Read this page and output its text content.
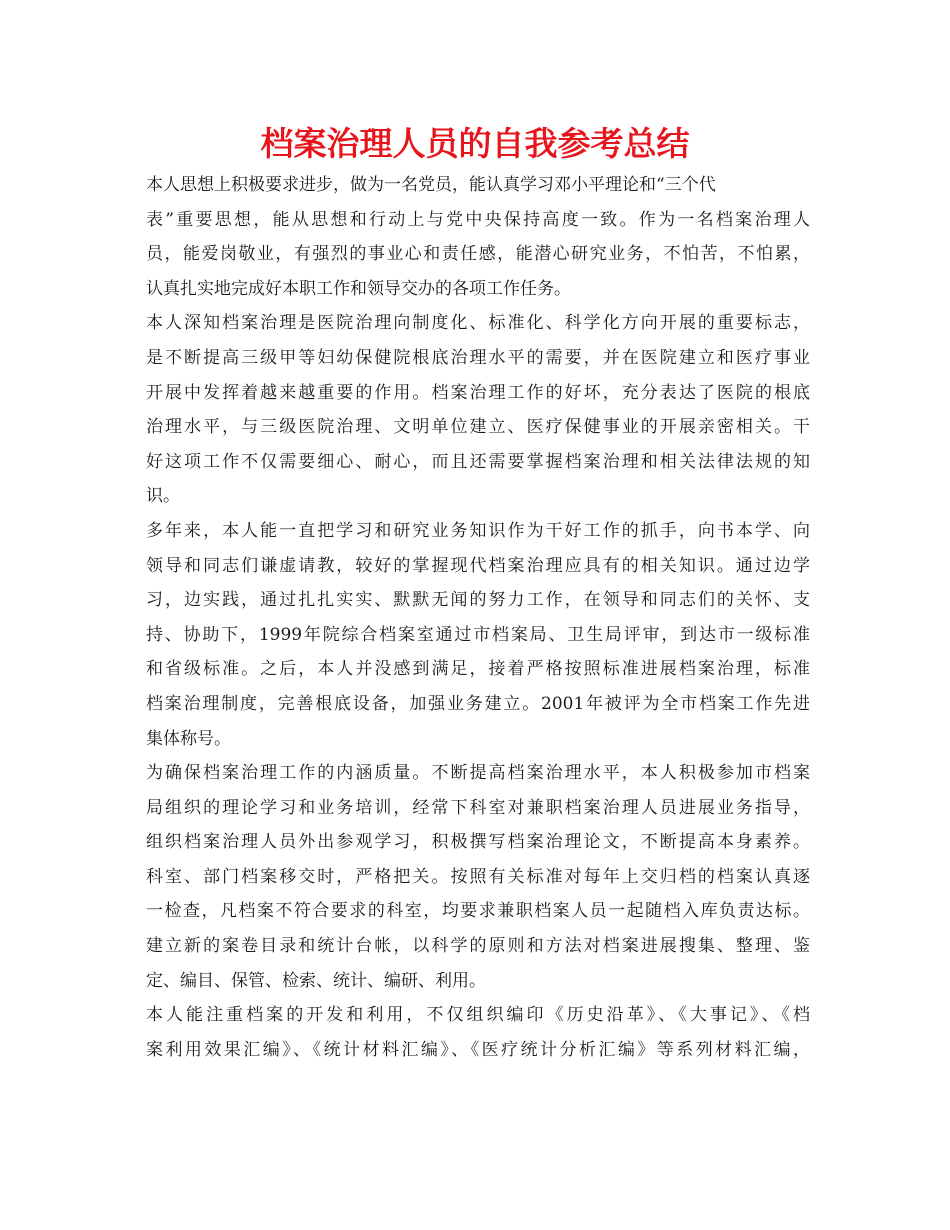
档案治理人员的自我参考总结
本人思想上积极要求进步，做为一名党员，能认真学习邓小平理论和“三个代
表”重要思想，能从思想和行动上与党中央保持高度一致。作为一名档案治理人
员，能爱岗敬业，有强烈的事业心和责任感，能潜心研究业务，不怕苦，不怕累，
认真扎实地完成好本职工作和领导交办的各项工作任务。
本人深知档案治理是医院治理向制度化、标准化、科学化方向开展的重要标志，
是不断提高三级甲等妇幼保健院根底治理水平的需要，并在医院建立和医疗事业
开展中发挥着越来越重要的作用。档案治理工作的好坏，充分表达了医院的根底
治理水平，与三级医院治理、文明单位建立、医疗保健事业的开展亲密相关。干
好这项工作不仅需要细心、耐心，而且还需要掌握档案治理和相关法律法规的知
识。
多年来，本人能一直把学习和研究业务知识作为干好工作的抓手，向书本学、向
领导和同志们谦虚请教，较好的掌握现代档案治理应具有的相关知识。通过边学
习，边实践，通过扎扎实实、默默无闻的努力工作，在领导和同志们的关怀、支
持、协助下，1999年院综合档案室通过市档案局、卫生局评审，到达市一级标准
和省级标准。之后，本人并没感到满足，接着严格按照标准进展档案治理，标准
档案治理制度，完善根底设备，加强业务建立。2001年被评为全市档案工作先进
集体称号。
为确保档案治理工作的内涵质量。不断提高档案治理水平，本人积极参加市档案
局组织的理论学习和业务培训，经常下科室对兼职档案治理人员进展业务指导，
组织档案治理人员外出参观学习，积极撰写档案治理论文，不断提高本身素养。
科室、部门档案移交时，严格把关。按照有关标准对每年上交归档的档案认真逐
一检查，凡档案不符合要求的科室，均要求兼职档案人员一起随档入库负责达标。
建立新的案卷目录和统计台帐，以科学的原则和方法对档案进展搜集、整理、鉴
定、编目、保管、检索、统计、编研、利用。
本人能注重档案的开发和利用，不仅组织编印《历史沿革》、《大事记》、《档
案利用效果汇编》、《统计材料汇编》、《医疗统计分析汇编》等系列材料汇编，
